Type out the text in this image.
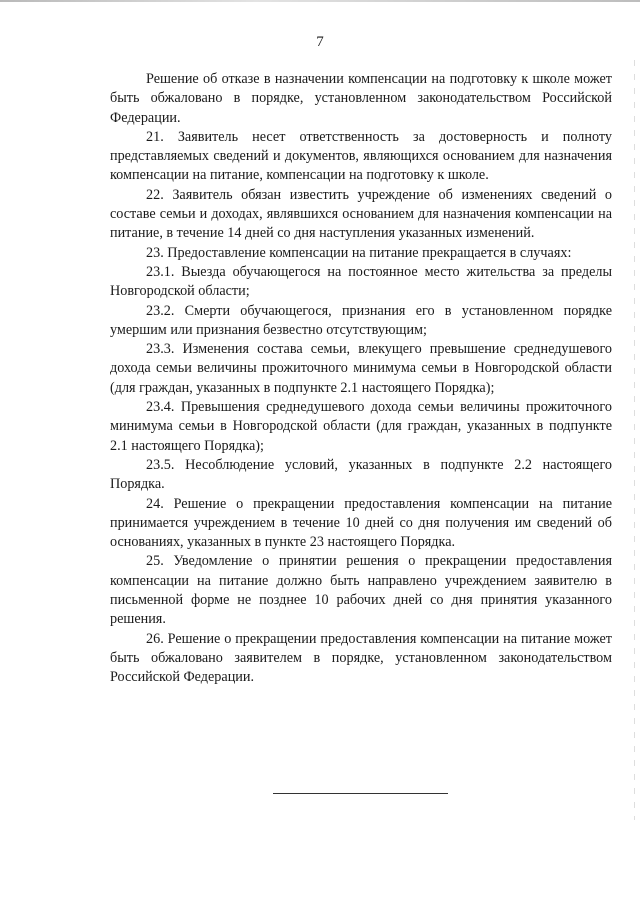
7

Решение об отказе в назначении компенсации на подготовку к школе может быть обжаловано в порядке, установленном законодательством Российской Федерации.

21. Заявитель несет ответственность за достоверность и полноту представляемых сведений и документов, являющихся основанием для назначения компенсации на питание, компенсации на подготовку к школе.

22. Заявитель обязан известить учреждение об изменениях сведений о составе семьи и доходах, являвшихся основанием для назначения компенсации на питание, в течение 14 дней со дня наступления указанных изменений.

23. Предоставление компенсации на питание прекращается в случаях:

23.1. Выезда обучающегося на постоянное место жительства за пределы Новгородской области;

23.2. Смерти обучающегося, признания его в установленном порядке умершим или признания безвестно отсутствующим;

23.3. Изменения состава семьи, влекущего превышение среднедушевого дохода семьи величины прожиточного минимума семьи в Новгородской области (для граждан, указанных в подпункте 2.1 настоящего Порядка);

23.4. Превышения среднедушевого дохода семьи величины прожиточного минимума семьи в Новгородской области (для граждан, указанных в подпункте 2.1 настоящего Порядка);

23.5. Несоблюдение условий, указанных в подпункте 2.2 настоящего Порядка.

24. Решение о прекращении предоставления компенсации на питание принимается учреждением в течение 10 дней со дня получения им сведений об основаниях, указанных в пункте 23 настоящего Порядка.

25. Уведомление о принятии решения о прекращении предоставления компенсации на питание должно быть направлено учреждением заявителю в письменной форме не позднее 10 рабочих дней со дня принятия указанного решения.

26. Решение о прекращении предоставления компенсации на питание может быть обжаловано заявителем в порядке, установленном законодательством Российской Федерации.
